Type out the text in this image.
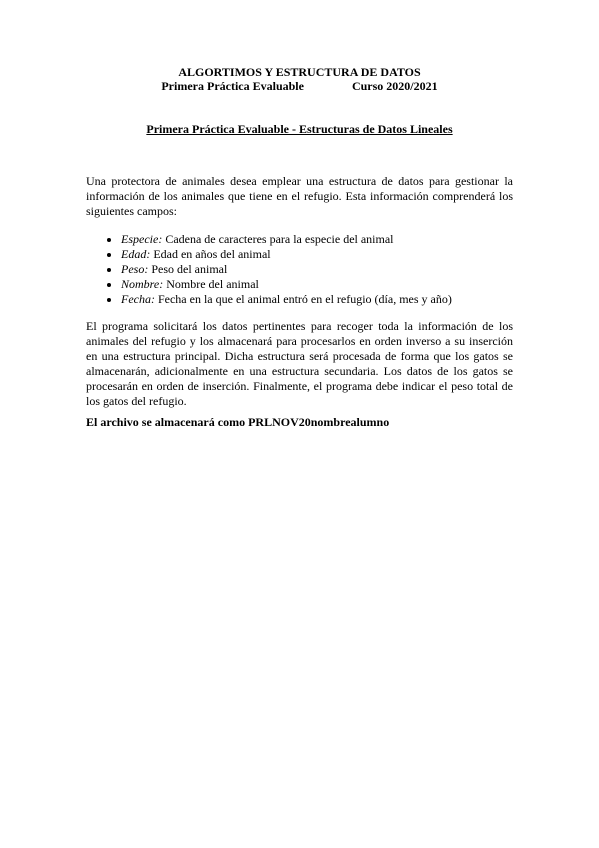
ALGORTIMOS Y ESTRUCTURA DE DATOS
Primera Práctica Evaluable	Curso 2020/2021
Primera Práctica Evaluable - Estructuras de Datos Lineales
Una protectora de animales desea emplear una estructura de datos para gestionar la información de los animales que tiene en el refugio. Esta información comprenderá los siguientes campos:
• Especie: Cadena de caracteres para la especie del animal
• Edad: Edad en años del animal
• Peso: Peso del animal
• Nombre: Nombre del animal
• Fecha: Fecha en la que el animal entró en el refugio (día, mes y año)
El programa solicitará los datos pertinentes para recoger toda la información de los animales del refugio y los almacenará para procesarlos en orden inverso a su inserción en una estructura principal. Dicha estructura será procesada de forma que los gatos se almacenarán, adicionalmente en una estructura secundaria. Los datos de los gatos se procesarán en orden de inserción. Finalmente, el programa debe indicar el peso total de los gatos del refugio.
El archivo se almacenará como PRLNOV20nombrealumno
